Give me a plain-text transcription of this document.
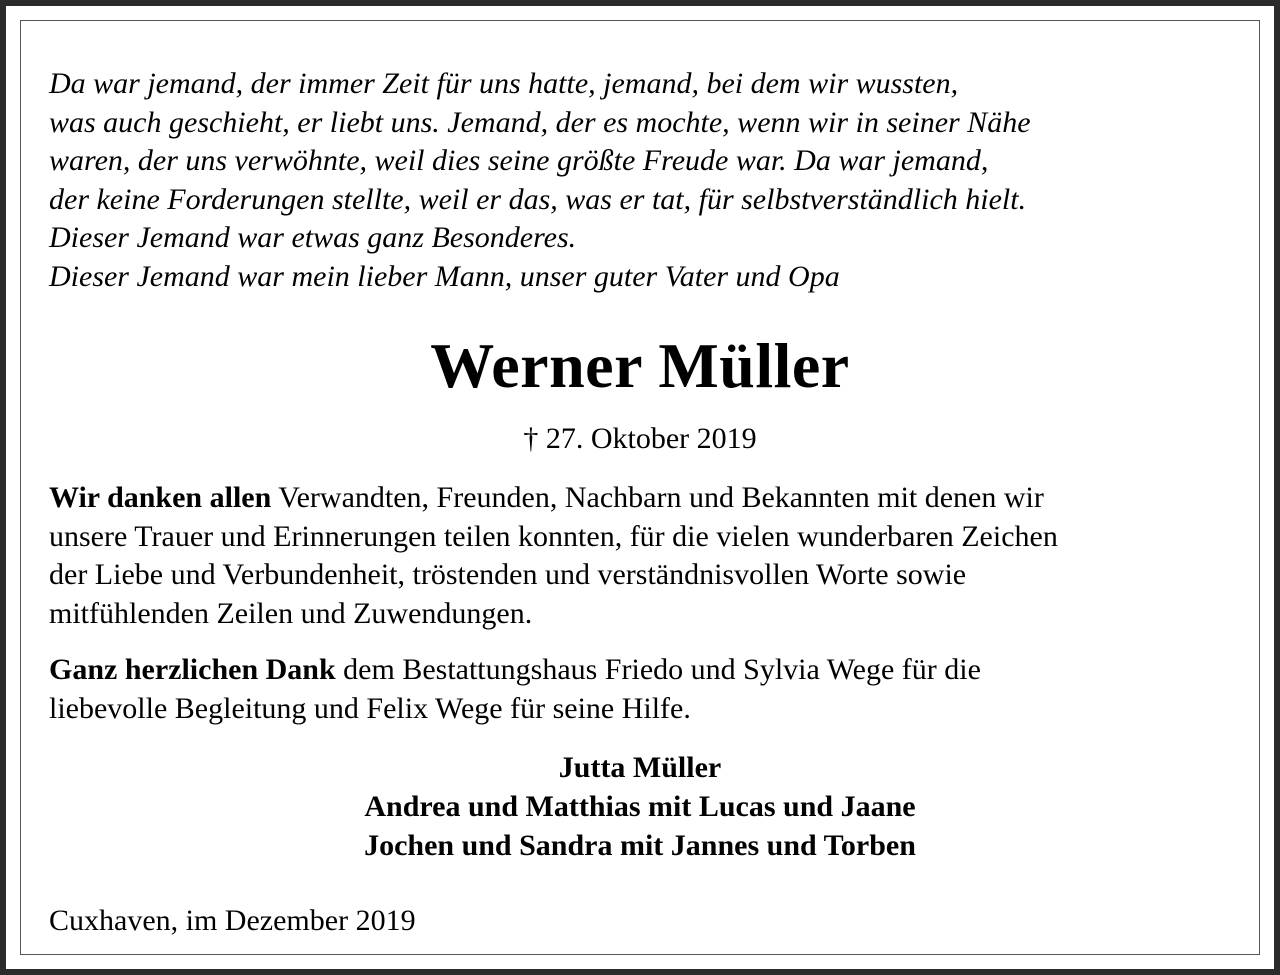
Da war jemand, der immer Zeit für uns hatte, jemand, bei dem wir wussten,
was auch geschieht, er liebt uns. Jemand, der es mochte, wenn wir in seiner Nähe
waren, der uns verwöhnte, weil dies seine größte Freude war. Da war jemand,
der keine Forderungen stellte, weil er das, was er tat, für selbstverständlich hielt.
Dieser Jemand war etwas ganz Besonderes.
Dieser Jemand war mein lieber Mann, unser guter Vater und Opa
Werner Müller
† 27. Oktober 2019
Wir danken allen Verwandten, Freunden, Nachbarn und Bekannten mit denen wir
unsere Trauer und Erinnerungen teilen konnten, für die vielen wunderbaren Zeichen
der Liebe und Verbundenheit, tröstenden und verständnisvollen Worte sowie
mitfühlenden Zeilen und Zuwendungen.
Ganz herzlichen Dank dem Bestattungshaus Friedo und Sylvia Wege für die
liebevolle Begleitung und Felix Wege für seine Hilfe.
Jutta Müller
Andrea und Matthias mit Lucas und Jaane
Jochen und Sandra mit Jannes und Torben
Cuxhaven, im Dezember 2019
